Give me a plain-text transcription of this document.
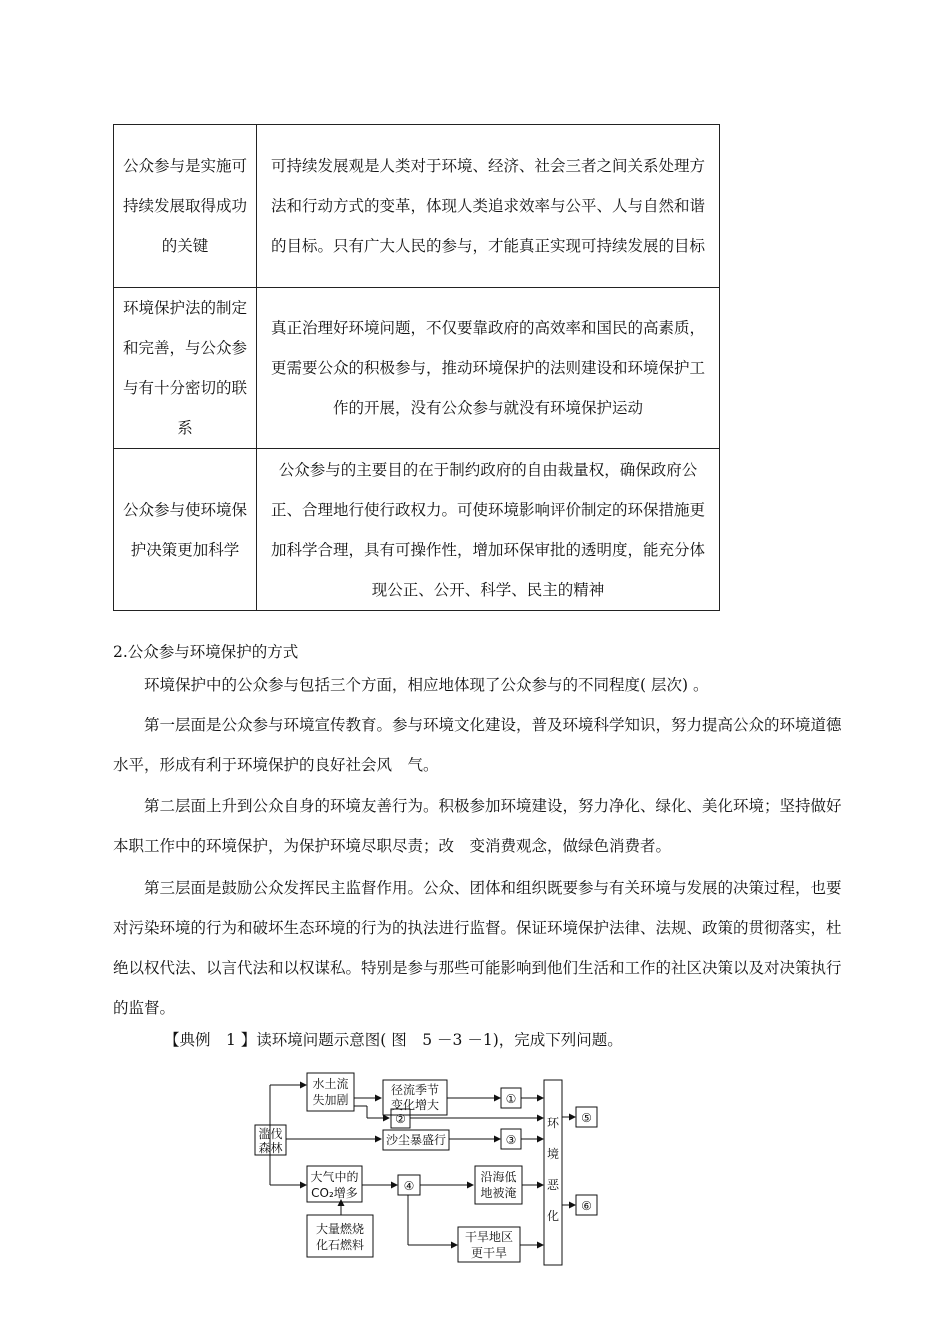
公众参与是实施可持续发展取得成功的关键	可持续发展观是人类对于环境、经济、社会三者之间关系处理方法和行动方式的变革，体现人类追求效率与公平、人与自然和谐的目标。只有广大人民的参与，才能真正实现可持续发展的目标
环境保护法的制定和完善，与公众参与有十分密切的联系	真正治理好环境问题，不仅要靠政府的高效率和国民的高素质，更需要公众的积极参与，推动环境保护的法则建设和环境保护工作的开展，没有公众参与就没有环境保护运动
公众参与使环境保护决策更加科学	公众参与的主要目的在于制约政府的自由裁量权，确保政府公正、合理地行使行政权力。可使环境影响评价制定的环保措施更加科学合理，具有可操作性，增加环保审批的透明度，能充分体现公正、公开、科学、民主的精神

2.公众参与环境保护的方式

环境保护中的公众参与包括三个方面，相应地体现了公众参与的不同程度( 层次) 。

第一层面是公众参与环境宣传教育。参与环境文化建设，普及环境科学知识，努力提高公众的环境道德水平，形成有利于环境保护的良好社会风　气。

第二层面上升到公众自身的环境友善行为。积极参加环境建设，努力净化、绿化、美化环境；坚持做好本职工作中的环境保护，为保护环境尽职尽责；改　变消费观念，做绿色消费者。

第三层面是鼓励公众发挥民主监督作用。公众、团体和组织既要参与有关环境与发展的决策过程，也要对污染环境的行为和破坏生态环境的行为的执法进行监督。保证环境保护法律、法规、政策的贯彻落实，杜绝以权代法、以言代法和以权谋私。特别是参与那些可能影响到他们生活和工作的社区决策以及对决策执行的监督。

【典例　1 】读环境问题示意图( 图　5 －3 －1)，完成下列问题。
滥伐
森林
水土流
失加剧
径流季节
变化增大
沙尘暴盛行
大气中的
CO₂增多
大量燃烧
化石燃料
沿海低
地被淹
干旱地区
更干旱
环
境
恶
化
①
②
③
④
⑤
⑥
